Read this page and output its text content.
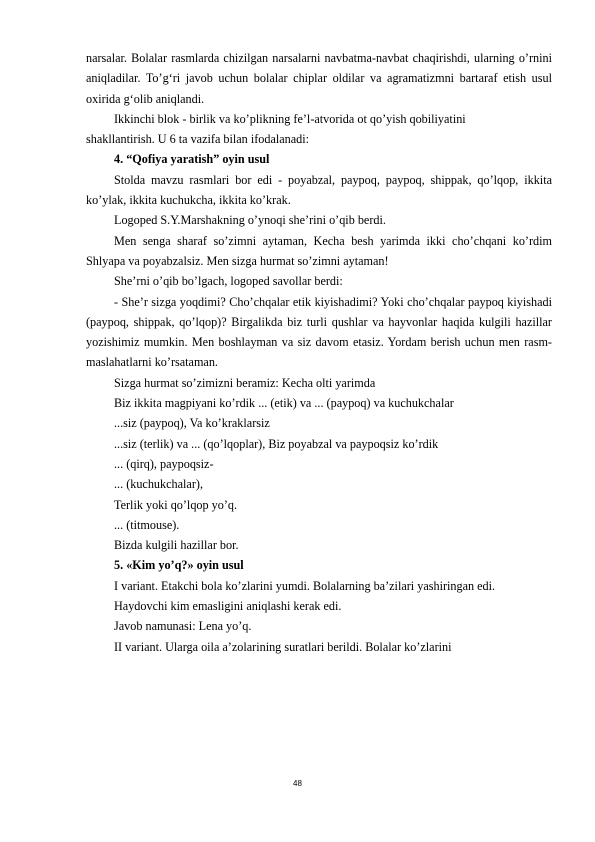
narsalar. Bolalar rasmlarda chizilgan narsalarni navbatma-navbat chaqirishdi, ularning o’rnini aniqladilar. To’g‘ri javob uchun bolalar chiplar oldilar va agramatizmni bartaraf etish usul oxirida g‘olib aniqlandi.

Ikkinchi blok - birlik va ko’plikning fe’l-atvorida ot qo’yish qobiliyatini

shakllantirish. U 6 ta vazifa bilan ifodalanadi:

4. “Qofiya yaratish” oyin usul

Stolda mavzu rasmlari bor edi - poyabzal, paypoq, paypoq, shippak, qo’lqop, ikkita ko’ylak, ikkita kuchukcha, ikkita ko’krak.

Logoped S.Y.Marshakning o’ynoqi she’rini o’qib berdi.

Men senga sharaf so’zimni aytaman, Kecha besh yarimda ikki cho’chqani ko’rdim Shlyapa va poyabzalsiz. Men sizga hurmat so’zimni aytaman!

She’rni o’qib bo’lgach, logoped savollar berdi:

- She’r sizga yoqdimi? Cho’chqalar etik kiyishadimi? Yoki cho’chqalar paypoq kiyishadi (paypoq, shippak, qo’lqop)? Birgalikda biz turli qushlar va hayvonlar haqida kulgili hazillar yozishimiz mumkin. Men boshlayman va siz davom etasiz. Yordam berish uchun men rasm-maslahatlarni ko’rsataman.

Sizga hurmat so’zimizni beramiz: Kecha olti yarimda

Biz ikkita magpiyani ko’rdik ... (etik) va ... (paypoq) va kuchukchalar

...siz (paypoq), Va ko’kraklarsiz

...siz (terlik) va ... (qo’lqoplar), Biz poyabzal va paypoqsiz ko’rdik

... (qirq), paypoqsiz-

... (kuchukchalar),

Terlik yoki qo’lqop yo’q.

... (titmouse).

Bizda kulgili hazillar bor.

5. «Kim yo’q?» oyin usul

I variant. Etakchi bola ko’zlarini yumdi. Bolalarning ba’zilari yashiringan edi.

Haydovchi kim emasligini aniqlashi kerak edi.

Javob namunasi: Lena yo’q.

II variant. Ularga oila a’zolarining suratlari berildi. Bolalar ko’zlarini

48
